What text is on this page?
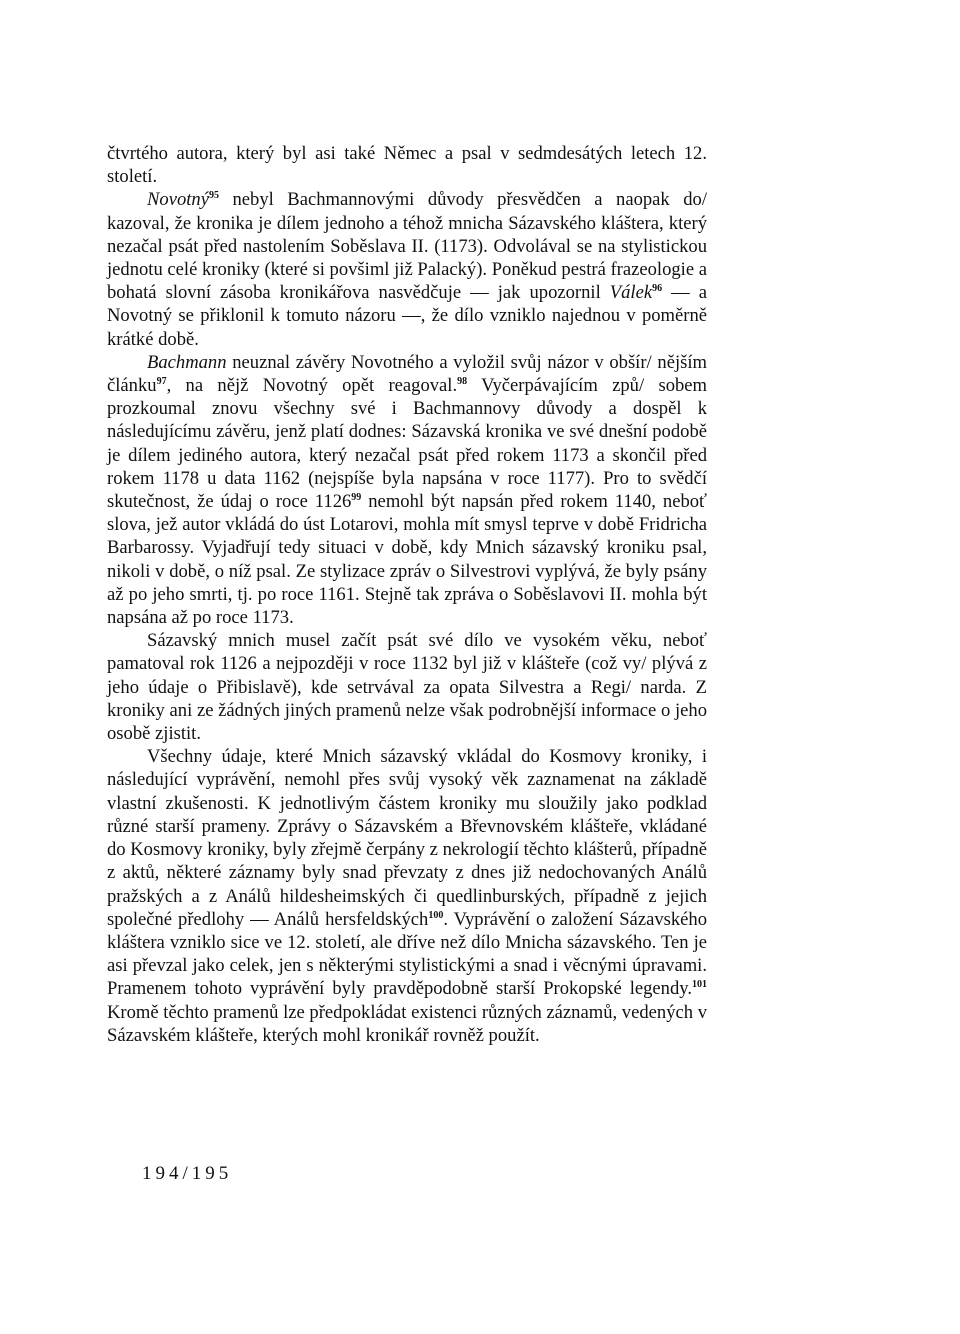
čtvrtého autora, který byl asi také Němec a psal v sedmdesátých letech 12. století.

Novotný$^{95}$ nebyl Bachmannovými důvody přesvědčen a naopak do/ kazoval, že kronika je dílem jednoho a téhož mnicha Sázavského kláštera, který nezačal psát před nastolením Soběslava II. (1173). Odvolával se na stylistickou jednotu celé kroniky (které si povšiml již Palacký). Poněkud pestrá frazeologie a bohatá slovní zásoba kronikářova nasvědčuje — jak upozornil Válek$^{96}$ — a Novotný se přiklonil k tomuto názoru —, že dílo vzniklo najednou v poměrně krátké době.

Bachmann neuznal závěry Novotného a vyložil svůj názor v obšír/ nějším článku$^{97}$, na nějž Novotný opět reagoval.$^{98}$ Vyčerpávajícím způ/ sobem prozkoumal znovu všechny své i Bachmannovy důvody a dospěl k následujícímu závěru, jenž platí dodnes: Sázavská kronika ve své dnešní podobě je dílem jediného autora, který nezačal psát před rokem 1173 a skončil před rokem 1178 u data 1162 (nejspíše byla napsána v roce 1177). Pro to svědčí skutečnost, že údaj o roce 1126$^{99}$ nemohl být napsán před rokem 1140, neboť slova, jež autor vkládá do úst Lotarovi, mohla mít smysl teprve v době Fridricha Barbarossy. Vyjadřují tedy situaci v době, kdy Mnich sázavský kroniku psal, nikoli v době, o níž psal. Ze stylizace zpráv o Silvestrovi vyplývá, že byly psány až po jeho smrti, tj. po roce 1161. Stejně tak zpráva o Soběslavovi II. mohla být napsána až po roce 1173.

Sázavský mnich musel začít psát své dílo ve vysokém věku, neboť pamatoval rok 1126 a nejpozději v roce 1132 byl již v klášteře (což vy/ plývá z jeho údaje o Přibislavě), kde setrvával za opata Silvestra a Regi/ narda. Z kroniky ani ze žádných jiných pramenů nelze však podrobnější informace o jeho osobě zjistit.

Všechny údaje, které Mnich sázavský vkládal do Kosmovy kroniky, i následující vyprávění, nemohl přes svůj vysoký věk zaznamenat na základě vlastní zkušenosti. K jednotlivým částem kroniky mu sloužily jako podklad různé starší prameny. Zprávy o Sázavském a Břevnovském klášteře, vkládané do Kosmovy kroniky, byly zřejmě čerpány z nekrologií těchto klášterů, případně z aktů, některé záznamy byly snad převzaty z dnes již nedochovaných Análů pražských a z Análů hildesheimských či quedlinburských, případně z jejich společné předlohy — Análů hersfeldských$^{100}$. Vyprávění o založení Sázavského kláštera vzniklo sice ve 12. století, ale dříve než dílo Mnicha sázavského. Ten je asi převzal jako celek, jen s některými stylistickými a snad i věcnými úpravami. Pramenem tohoto vyprávění byly pravděpodobně starší Prokopské legendy.$^{101}$ Kromě těchto pramenů lze předpokládat existenci různých záznamů, vedených v Sázavském klášteře, kterých mohl kronikář rovněž použít.

194/195
